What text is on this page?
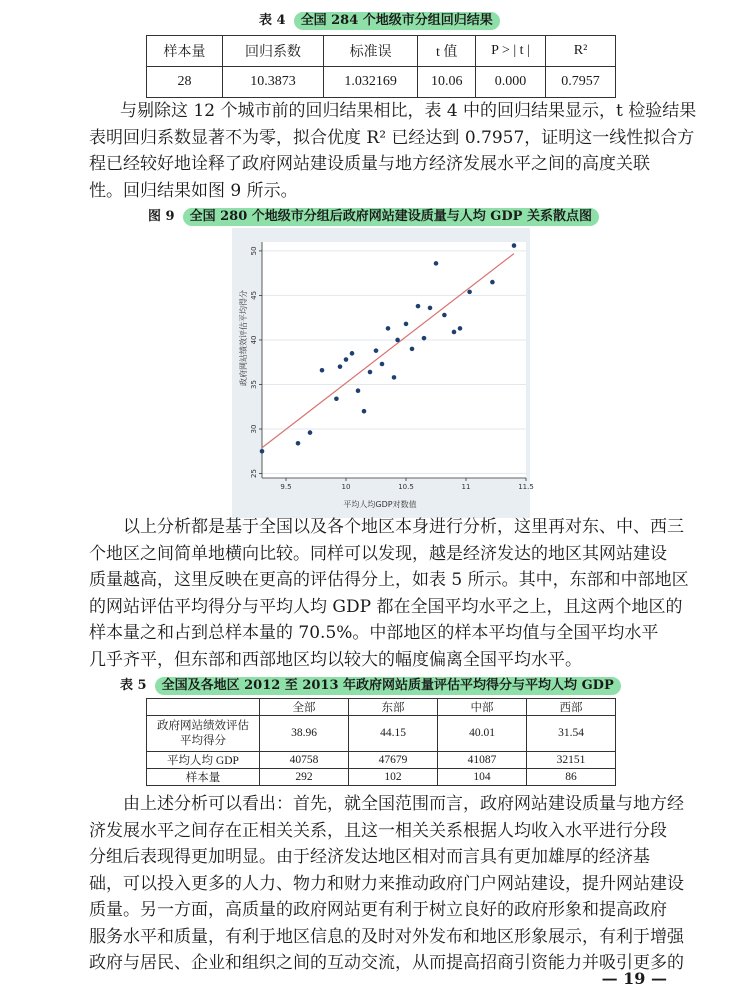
表 4 全国 284 个地级市分组回归结果
样本量	回归系数	标准误	t 值	P > | t |	R²
28	10.3873	1.032169	10.06	0.000	0.7957
与剔除这 12 个城市前的回归结果相比，表 4 中的回归结果显示，t 检验结果
表明回归系数显著不为零，拟合优度 R² 已经达到 0.7957，证明这一线性拟合方
程已经较好地诠释了政府网站建设质量与地方经济发展水平之间的高度关联
性。回归结果如图 9 所示。
图 9 全国 280 个地级市分组后政府网站建设质量与人均 GDP 关系散点图
9.5	10	10.5	11	11.5
25
30
35
40
45
50
平均人均GDP对数值
政府网站绩效评估平均得分
以上分析都是基于全国以及各个地区本身进行分析，这里再对东、中、西三
个地区之间简单地横向比较。同样可以发现，越是经济发达的地区其网站建设
质量越高，这里反映在更高的评估得分上，如表 5 所示。其中，东部和中部地区
的网站评估平均得分与平均人均 GDP 都在全国平均水平之上，且这两个地区的
样本量之和占到总样本量的 70.5%。中部地区的样本平均值与全国平均水平
几乎齐平，但东部和西部地区均以较大的幅度偏离全国平均水平。
表 5 全国及各地区 2012 至 2013 年政府网站质量评估平均得分与平均人均 GDP
	全部	东部	中部	西部

政府网站绩效评估
平均得分	38.96	44.15	40.01	31.54
平均人均 GDP	40758	47679	41087	32151
样本量	292	102	104	86
由上述分析可以看出：首先，就全国范围而言，政府网站建设质量与地方经
济发展水平之间存在正相关关系，且这一相关关系根据人均收入水平进行分段
分组后表现得更加明显。由于经济发达地区相对而言具有更加雄厚的经济基
础，可以投入更多的人力、物力和财力来推动政府门户网站建设，提升网站建设
质量。另一方面，高质量的政府网站更有利于树立良好的政府形象和提高政府
服务水平和质量，有利于地区信息的及时对外发布和地区形象展示，有利于增强
政府与居民、企业和组织之间的互动交流，从而提高招商引资能力并吸引更多的
— 19 —
